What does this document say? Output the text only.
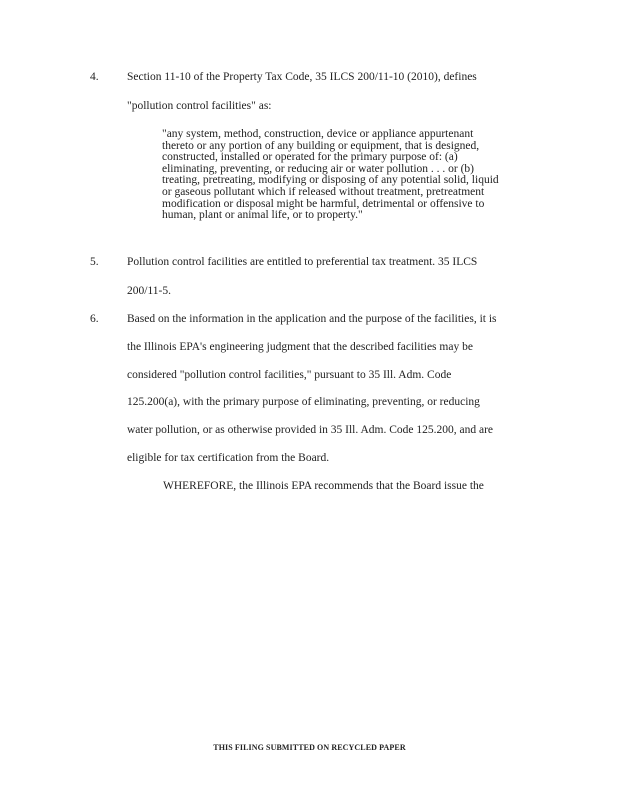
4. Section 11-10 of the Property Tax Code, 35 ILCS 200/11-10 (2010), defines
"pollution control facilities" as:
"any system, method, construction, device or appliance appurtenant
thereto or any portion of any building or equipment, that is designed,
constructed, installed or operated for the primary purpose of: (a)
eliminating, preventing, or reducing air or water pollution . . . or (b)
treating, pretreating, modifying or disposing of any potential solid, liquid
or gaseous pollutant which if released without treatment, pretreatment
modification or disposal might be harmful, detrimental or offensive to
human, plant or animal life, or to property."
5. Pollution control facilities are entitled to preferential tax treatment. 35 ILCS
200/11-5.
6. Based on the information in the application and the purpose of the facilities, it is
the Illinois EPA's engineering judgment that the described facilities may be
considered "pollution control facilities," pursuant to 35 Ill. Adm. Code
125.200(a), with the primary purpose of eliminating, preventing, or reducing
water pollution, or as otherwise provided in 35 Ill. Adm. Code 125.200, and are
eligible for tax certification from the Board.
WHEREFORE, the Illinois EPA recommends that the Board issue the
THIS FILING SUBMITTED ON RECYCLED PAPER
